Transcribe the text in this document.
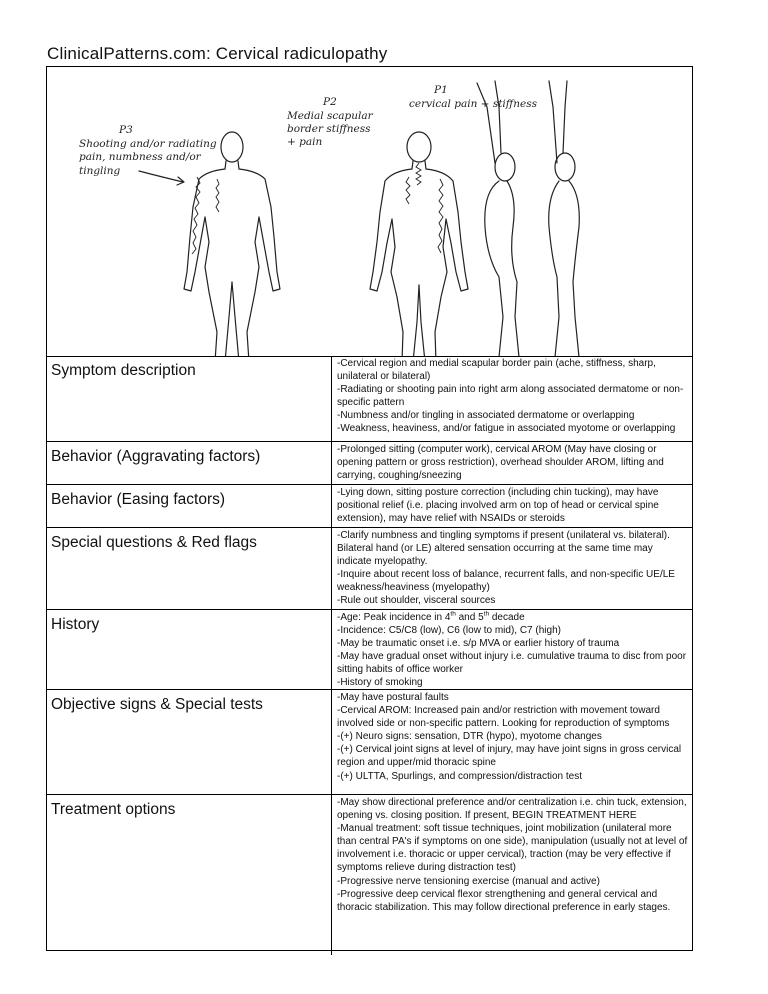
ClinicalPatterns.com: Cervical radiculopathy
P3
Shooting and/or radiating
pain, numbness and/or
tingling
P2
Medial scapular
border stiffness
+ pain
P1
cervical pain + stiffness
Symptom description	-Cervical region and medial scapular border pain (ache, stiffness, sharp, unilateral or bilateral)
-Radiating or shooting pain into right arm along associated dermatome or non-specific pattern
-Numbness and/or tingling in associated dermatome or overlapping
-Weakness, heaviness, and/or fatigue in associated myotome or overlapping
Behavior (Aggravating factors)	-Prolonged sitting (computer work), cervical AROM (May have closing or opening pattern or gross restriction), overhead shoulder AROM, lifting and carrying, coughing/sneezing
Behavior (Easing factors)	-Lying down, sitting posture correction (including chin tucking), may have positional relief (i.e. placing involved arm on top of head or cervical spine extension), may have relief with NSAIDs or steroids
Special questions & Red flags	-Clarify numbness and tingling symptoms if present (unilateral vs. bilateral). Bilateral hand (or LE) altered sensation occurring at the same time may indicate myelopathy.
-Inquire about recent loss of balance, recurrent falls, and non-specific UE/LE weakness/heaviness (myelopathy)
-Rule out shoulder, visceral sources
History	-Age: Peak incidence in 4th and 5th decade
-Incidence: C5/C8 (low), C6 (low to mid), C7 (high)
-May be traumatic onset i.e. s/p MVA or earlier history of trauma
-May have gradual onset without injury i.e. cumulative trauma to disc from poor sitting habits of office worker
-History of smoking
Objective signs & Special tests	-May have postural faults
-Cervical AROM: Increased pain and/or restriction with movement toward involved side or non-specific pattern. Looking for reproduction of symptoms
-(+) Neuro signs: sensation, DTR (hypo), myotome changes
-(+) Cervical joint signs at level of injury, may have joint signs in gross cervical region and upper/mid thoracic spine
-(+) ULTTA, Spurlings, and compression/distraction test
Treatment options	-May show directional preference and/or centralization i.e. chin tuck, extension, opening vs. closing position. If present, BEGIN TREATMENT HERE
-Manual treatment: soft tissue techniques, joint mobilization (unilateral more than central PA's if symptoms on one side), manipulation (usually not at level of involvement i.e. thoracic or upper cervical), traction (may be very effective if symptoms relieve during distraction test)
-Progressive nerve tensioning exercise (manual and active)
-Progressive deep cervical flexor strengthening and general cervical and thoracic stabilization. This may follow directional preference in early stages.
